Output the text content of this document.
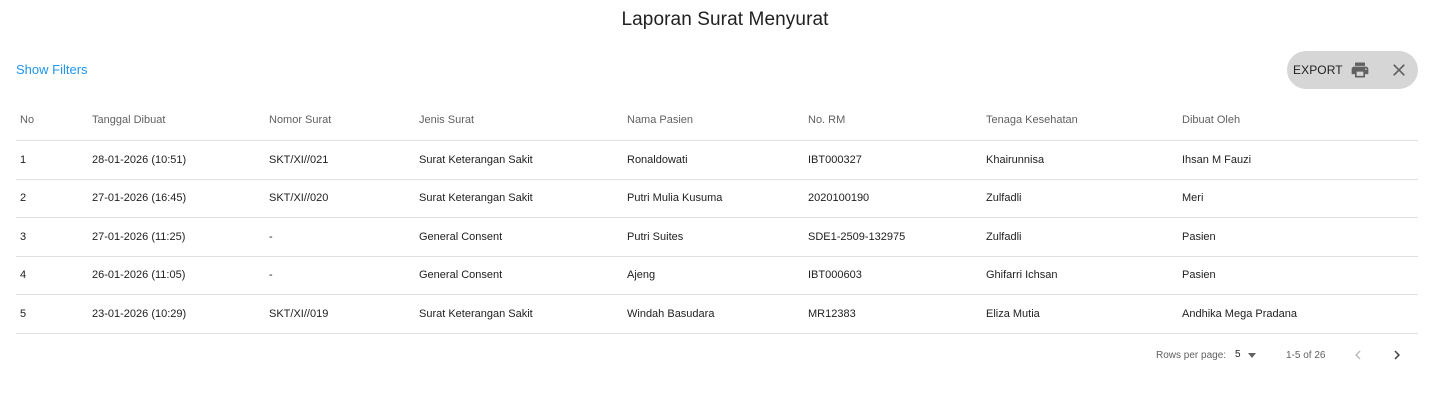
Laporan Surat Menyurat
Show Filters	EXPORT
No	Tanggal Dibuat	Nomor Surat	Jenis Surat	Nama Pasien	No. RM	Tenaga Kesehatan	Dibuat Oleh
1	28-01-2026 (10:51)	SKT/XI//021	Surat Keterangan Sakit	Ronaldowati	IBT000327	Khairunnisa	Ihsan M Fauzi
2	27-01-2026 (16:45)	SKT/XI//020	Surat Keterangan Sakit	Putri Mulia Kusuma	2020100190	Zulfadli	Meri
3	27-01-2026 (11:25)	-	General Consent	Putri Suites	SDE1-2509-132975	Zulfadli	Pasien
4	26-01-2026 (11:05)	-	General Consent	Ajeng	IBT000603	Ghifarri Ichsan	Pasien
5	23-01-2026 (10:29)	SKT/XI//019	Surat Keterangan Sakit	Windah Basudara	MR12383	Eliza Mutia	Andhika Mega Pradana
Rows per page: 5	1-5 of 26
